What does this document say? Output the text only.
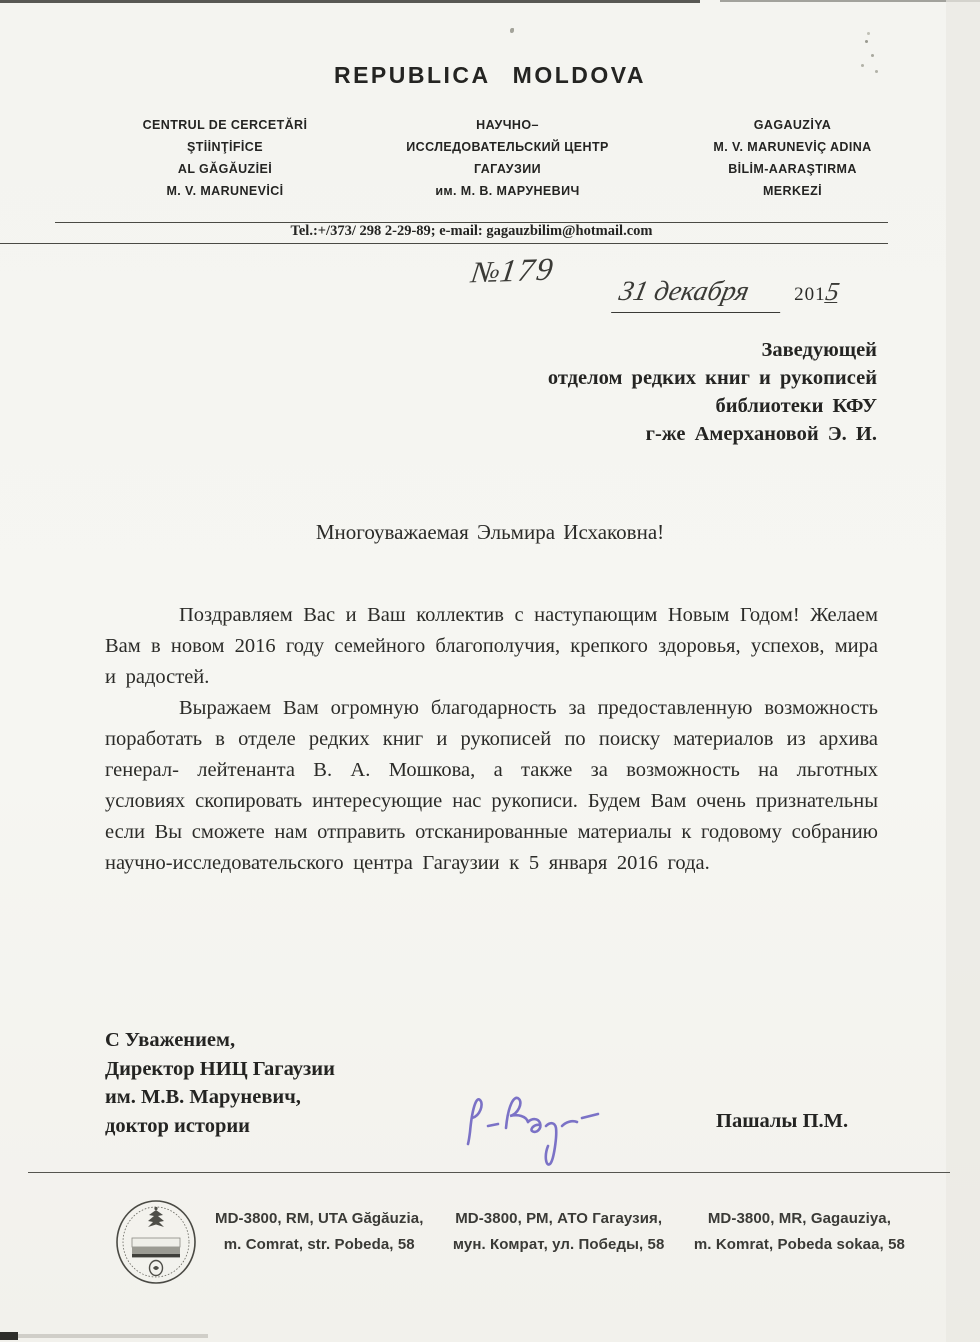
REPUBLICA MOLDOVA
CENTRUL DE CERCETĂRİ
ŞTİİNŢİFİCE
AL GĂGĂUZİEİ
M. V. MARUNEVİCİ
НАУЧНО–
ИССЛЕДОВАТЕЛЬСКИЙ ЦЕНТР
ГАГАУЗИИ
им. М. В. МАРУНЕВИЧ
GAGAUZİYA
M. V. MARUNEVİÇ ADINA
BİLİM-AARAŞTIRMA
MERKEZİ
Tel.:+/373/ 298 2-29-89; e-mail: gagauzbilim@hotmail.com
№179
31 декабря 2015
Заведующей
отделом редких книг и рукописей
библиотеки КФУ
г-же Амерхановой Э. И.
Многоуважаемая Эльмира Исхаковна!

Поздравляем Вас и Ваш коллектив с наступающим Новым Годом! Желаем Вам в новом 2016 году семейного благополучия, крепкого здоровья, успехов, мира и радостей.

Выражаем Вам огромную благодарность за предоставленную возможность поработать в отделе редких книг и рукописей по поиску материалов из архива генерал- лейтенанта В. А. Мошкова, а также за возможность на льготных условиях скопировать интересующие нас рукописи. Будем Вам очень признательны если Вы сможете нам отправить отсканированные материалы к годовому собранию научно-исследовательского центра Гагаузии к 5 января 2016 года.

С Уважением,
Директор НИЦ Гагаузии
им. М.В. Маруневич,
доктор истории	Пашалы П.М.
MD-3800, RM, UTA Găgăuzia,
m. Comrat, str. Pobeda, 58
MD-3800, РМ, АТО Гагаузия,
мун. Комрат, ул. Победы, 58
MD-3800, MR, Gagauziya,
m. Komrat, Pobeda sokaa, 58
